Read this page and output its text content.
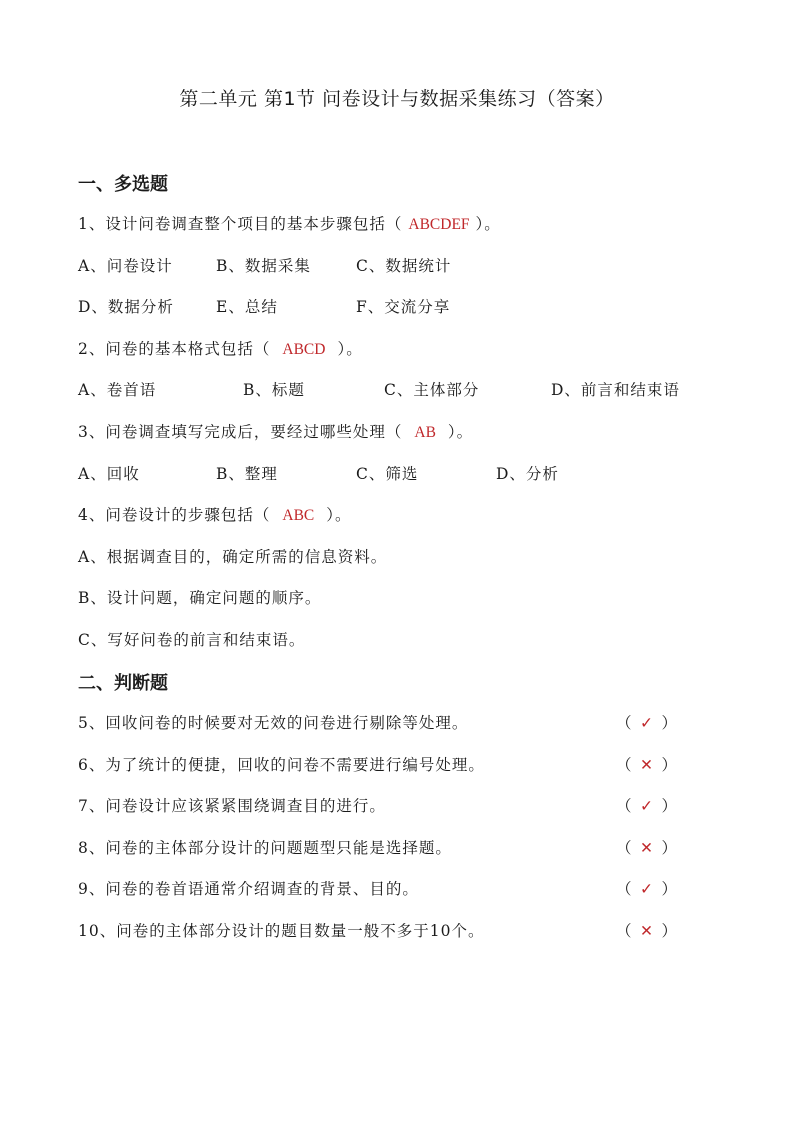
第二单元 第1节 问卷设计与数据采集练习（答案）
一、多选题
1、设计问卷调查整个项目的基本步骤包括（ ABCDEF ）。
A、问卷设计	B、数据采集	C、数据统计
D、数据分析	E、总结	F、交流分享
2、问卷的基本格式包括（ ABCD ）。
A、卷首语	B、标题	C、主体部分	D、前言和结束语
3、问卷调查填写完成后，要经过哪些处理（ AB ）。
A、回收	B、整理	C、筛选	D、分析
4、问卷设计的步骤包括（ ABC ）。
A、根据调查目的，确定所需的信息资料。
B、设计问题，确定问题的顺序。
C、写好问卷的前言和结束语。
二、判断题
5、回收问卷的时候要对无效的问卷进行剔除等处理。	（ ✓ ）
6、为了统计的便捷，回收的问卷不需要进行编号处理。	（ ✕ ）
7、问卷设计应该紧紧围绕调查目的进行。	（ ✓ ）
8、问卷的主体部分设计的问题题型只能是选择题。	（ ✕ ）
9、问卷的卷首语通常介绍调查的背景、目的。	（ ✓ ）
10、问卷的主体部分设计的题目数量一般不多于10个。	（ ✕ ）
